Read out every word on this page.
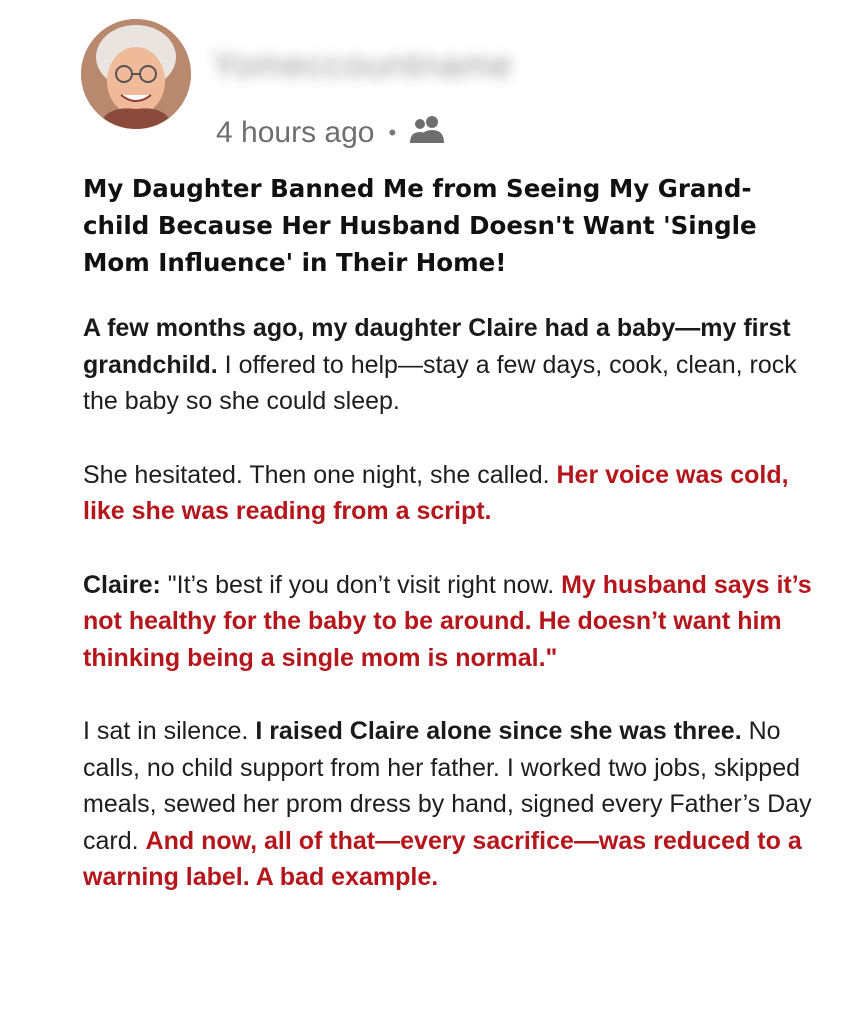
Yomeccountname
4 hours ago •
My Daughter Banned Me from Seeing My Grand-child Because Her Husband Doesn't Want 'Single Mom Influence' in Their Home!

A few months ago, my daughter Claire had a baby—my first grandchild. I offered to help—stay a few days, cook, clean, rock the baby so she could sleep.

She hesitated. Then one night, she called. Her voice was cold, like she was reading from a script.

Claire: "It’s best if you don’t visit right now. My husband says it’s not healthy for the baby to be around. He doesn’t want him thinking being a single mom is normal."

I sat in silence. I raised Claire alone since she was three. No calls, no child support from her father. I worked two jobs, skipped meals, sewed her prom dress by hand, signed every Father’s Day card. And now, all of that—every sacrifice—was reduced to a warning label. A bad example.
